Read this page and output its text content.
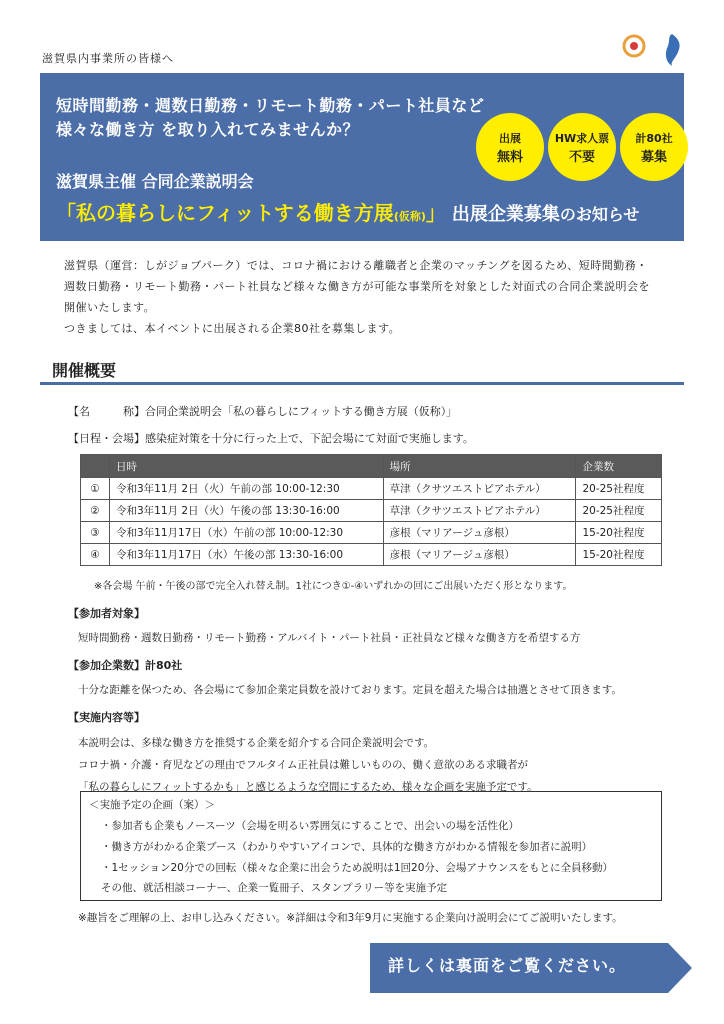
滋賀県内事業所の皆様へ
短時間勤務・週数日勤務・リモート勤務・パート社員など
様々な働き方 を取り入れてみませんか？	出展
無料
HW求人票
不要
計80社
募集
滋賀県主催 合同企業説明会
「私の暮らしにフィットする働き方展(仮称)」 出展企業募集のお知らせ
滋賀県（運営：しがジョブパーク）では、コロナ禍における離職者と企業のマッチングを図るため、短時間勤務・
週数日勤務・リモート勤務・パート社員など様々な働き方が可能な事業所を対象とした対面式の合同企業説明会を
開催いたします。
つきましては、本イベントに出展される企業80社を募集します。
開催概要
【名　　　称】合同企業説明会「私の暮らしにフィットする働き方展（仮称）」
【日程・会場】感染症対策を十分に行った上で、下記会場にて対面で実施します。
	日時	場所	企業数
①	令和3年11月 2日（火）午前の部 10:00-12:30	草津（クサツエストピアホテル）	20-25社程度
②	令和3年11月 2日（火）午後の部 13:30-16:00	草津（クサツエストピアホテル）	20-25社程度
③	令和3年11月17日（水）午前の部 10:00-12:30	彦根（マリアージュ彦根）	15-20社程度
④	令和3年11月17日（水）午後の部 13:30-16:00	彦根（マリアージュ彦根）	15-20社程度
※各会場 午前・午後の部で完全入れ替え制。1社につき①-④いずれかの回にご出展いただく形となります。
【参加者対象】
短時間勤務・週数日勤務・リモート勤務・アルバイト・パート社員・正社員など様々な働き方を希望する方
【参加企業数】計80社
十分な距離を保つため、各会場にて参加企業定員数を設けております。定員を超えた場合は抽選とさせて頂きます。
【実施内容等】
本説明会は、多様な働き方を推奨する企業を紹介する合同企業説明会です。
コロナ禍・介護・育児などの理由でフルタイム正社員は難しいものの、働く意欲のある求職者が
「私の暮らしにフィットするかも」と感じるような空間にするため、様々な企画を実施予定です。
＜実施予定の企画（案）＞
・参加者も企業もノースーツ（会場を明るい雰囲気にすることで、出会いの場を活性化）
・働き方がわかる企業ブース（わかりやすいアイコンで、具体的な働き方がわかる情報を参加者に説明）
・1セッション20分での回転（様々な企業に出会うため説明は1回20分、会場アナウンスをもとに全員移動）
その他、就活相談コーナー、企業一覧冊子、スタンプラリー等を実施予定
※趣旨をご理解の上、お申し込みください。※詳細は令和3年9月に実施する企業向け説明会にてご説明いたします。
詳しくは裏面をご覧ください。
